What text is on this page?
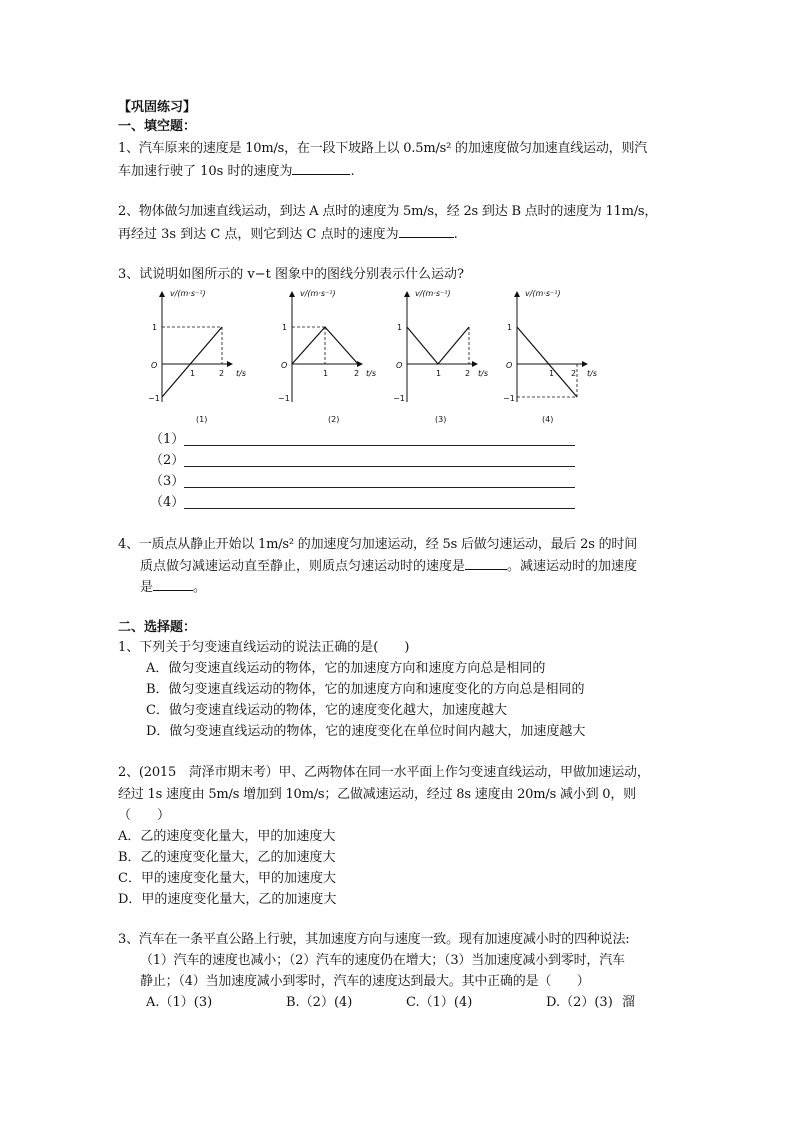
【巩固练习】
一、填空题：
1、汽车原来的速度是 10m/s，在一段下坡路上以 0.5m/s² 的加速度做匀加速直线运动，则汽
车加速行驶了 10s 时的速度为	.
2、物体做匀加速直线运动，到达 A 点时的速度为 5m/s，经 2s 到达 B 点时的速度为 11m/s，
再经过 3s 到达 C 点，则它到达 C 点时的速度为	.
3、试说明如图所示的 v−t 图象中的图线分别表示什么运动?
v/(m·s⁻¹)
1
O
−1
1	2 t/s
(1)
v/(m·s⁻¹)
1
O
−1
1	2 t/s
(2)
v/(m·s⁻¹)
1
O
−1
1	2 t/s
(3)
v/(m·s⁻¹)
1
O
−1
1 2 t/s
(4)
（1）
（2）
（3）
（4）
4、一质点从静止开始以 1m/s² 的加速度匀加速运动，经 5s 后做匀速运动，最后 2s 的时间
质点做匀减速运动直至静止，则质点匀速运动时的速度是	。减速运动时的加速度
是	。
二、选择题：
1、下列关于匀变速直线运动的说法正确的是(　　)
A．做匀变速直线运动的物体，它的加速度方向和速度方向总是相同的
B．做匀变速直线运动的物体，它的加速度方向和速度变化的方向总是相同的
C．做匀变速直线运动的物体，它的速度变化越大，加速度越大
D．做匀变速直线运动的物体，它的速度变化在单位时间内越大，加速度越大
2、(2015　菏泽市期末考）甲、乙两物体在同一水平面上作匀变速直线运动，甲做加速运动，
经过 1s 速度由 5m/s 增加到 10m/s；乙做减速运动，经过 8s 速度由 20m/s 减小到 0，则
（　　）
A．乙的速度变化量大，甲的加速度大
B．乙的速度变化量大，乙的加速度大
C．甲的速度变化量大，甲的加速度大
D．甲的速度变化量大，乙的加速度大
3、汽车在一条平直公路上行驶，其加速度方向与速度一致。现有加速度减小时的四种说法:
（1）汽车的速度也减小；（2）汽车的速度仍在增大；（3）当加速度减小到零时，汽车
静止；（4）当加速度减小到零时，汽车的速度达到最大。其中正确的是（　　）
A.（1）(3)	B.（2）(4)	C.（1）(4)	D.（2）(3) 溜
